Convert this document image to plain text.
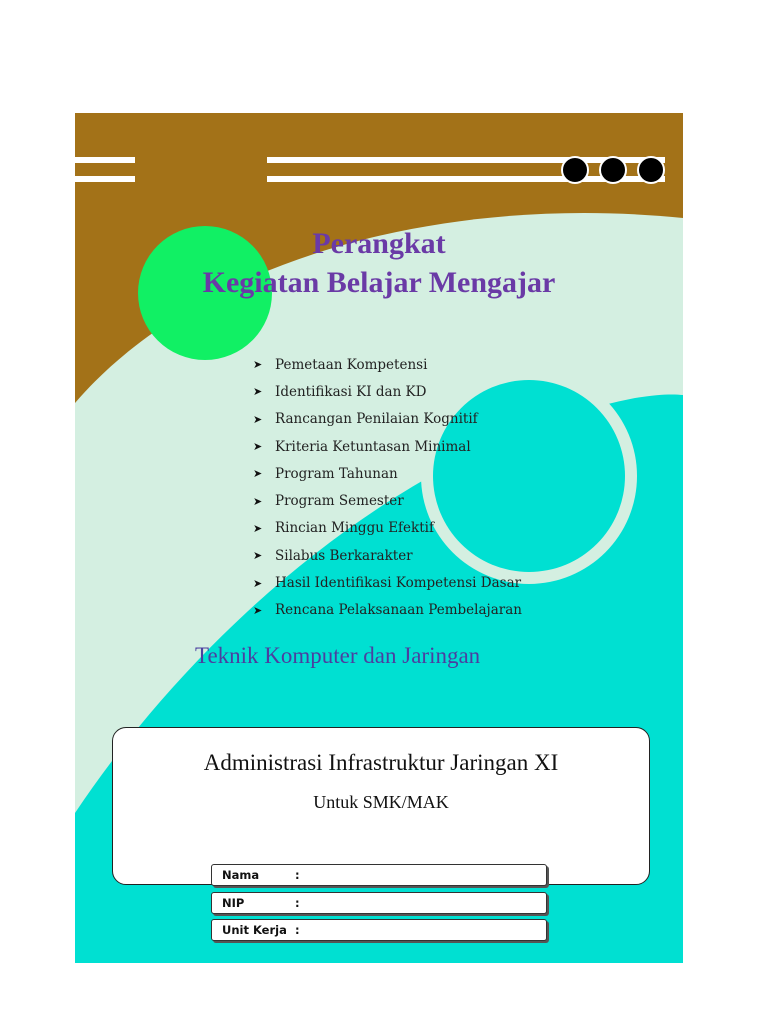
Perangkat
Kegiatan Belajar Mengajar
➤ Pemetaan Kompetensi
➤ Identifikasi KI dan KD
➤ Rancangan Penilaian Kognitif
➤ Kriteria Ketuntasan Minimal
➤ Program Tahunan
➤ Program Semester
➤ Rincian Minggu Efektif
➤ Silabus Berkarakter
➤ Hasil Identifikasi Kompetensi Dasar
➤ Rencana Pelaksanaan Pembelajaran
Teknik Komputer dan Jaringan
Administrasi Infrastruktur Jaringan XI
Untuk SMK/MAK
Nama	:
NIP	:
Unit Kerja :
